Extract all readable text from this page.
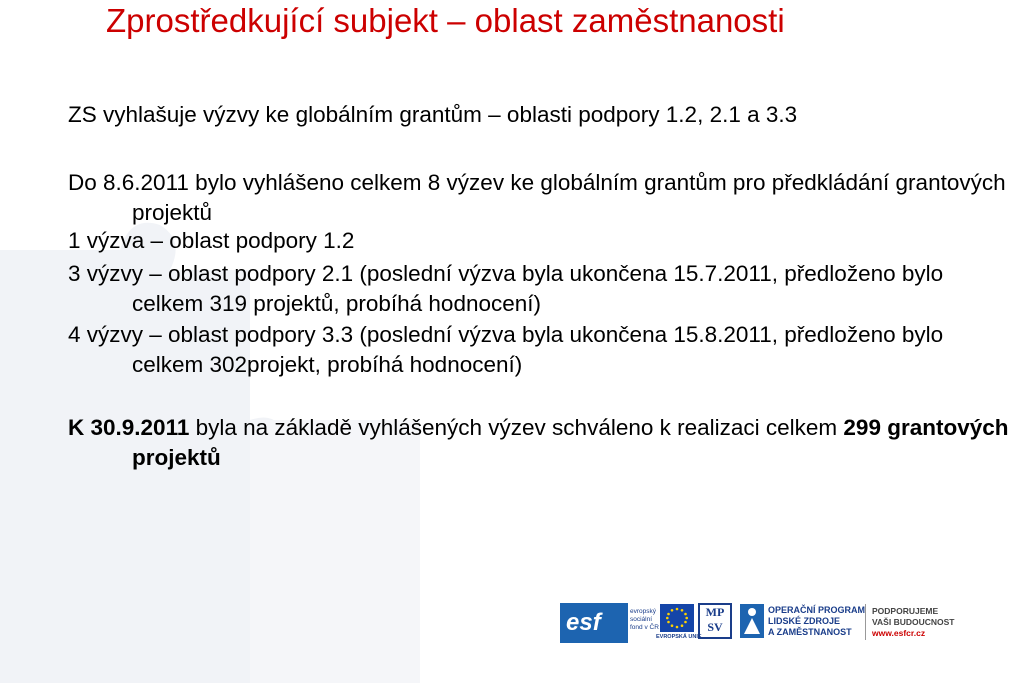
Zprostředkující subjekt – oblast zaměstnanosti
ZS vyhlašuje výzvy ke globálním grantům – oblasti podpory 1.2, 2.1 a 3.3
Do 8.6.2011 bylo vyhlášeno celkem 8 výzev ke globálním grantům pro předkládání grantových projektů
1 výzva – oblast podpory 1.2
3 výzvy – oblast podpory 2.1 (poslední výzva byla ukončena 15.7.2011, předloženo bylo celkem 319 projektů, probíhá hodnocení)
4 výzvy – oblast podpory 3.3 (poslední výzva byla ukončena 15.8.2011, předloženo bylo celkem 302projekt, probíhá hodnocení)
K 30.9.2011 byla na základě vyhlášených výzev schváleno k realizaci celkem 299 grantových projektů
esf	evropský sociální fond v ČR
EVROPSKÁ UNIE
MP SV
OPERAČNÍ PROGRAM
LIDSKÉ ZDROJE
A ZAMĚSTNANOST
PODPORUJEME
VAŠI BUDOUCNOST
www.esfcr.cz
